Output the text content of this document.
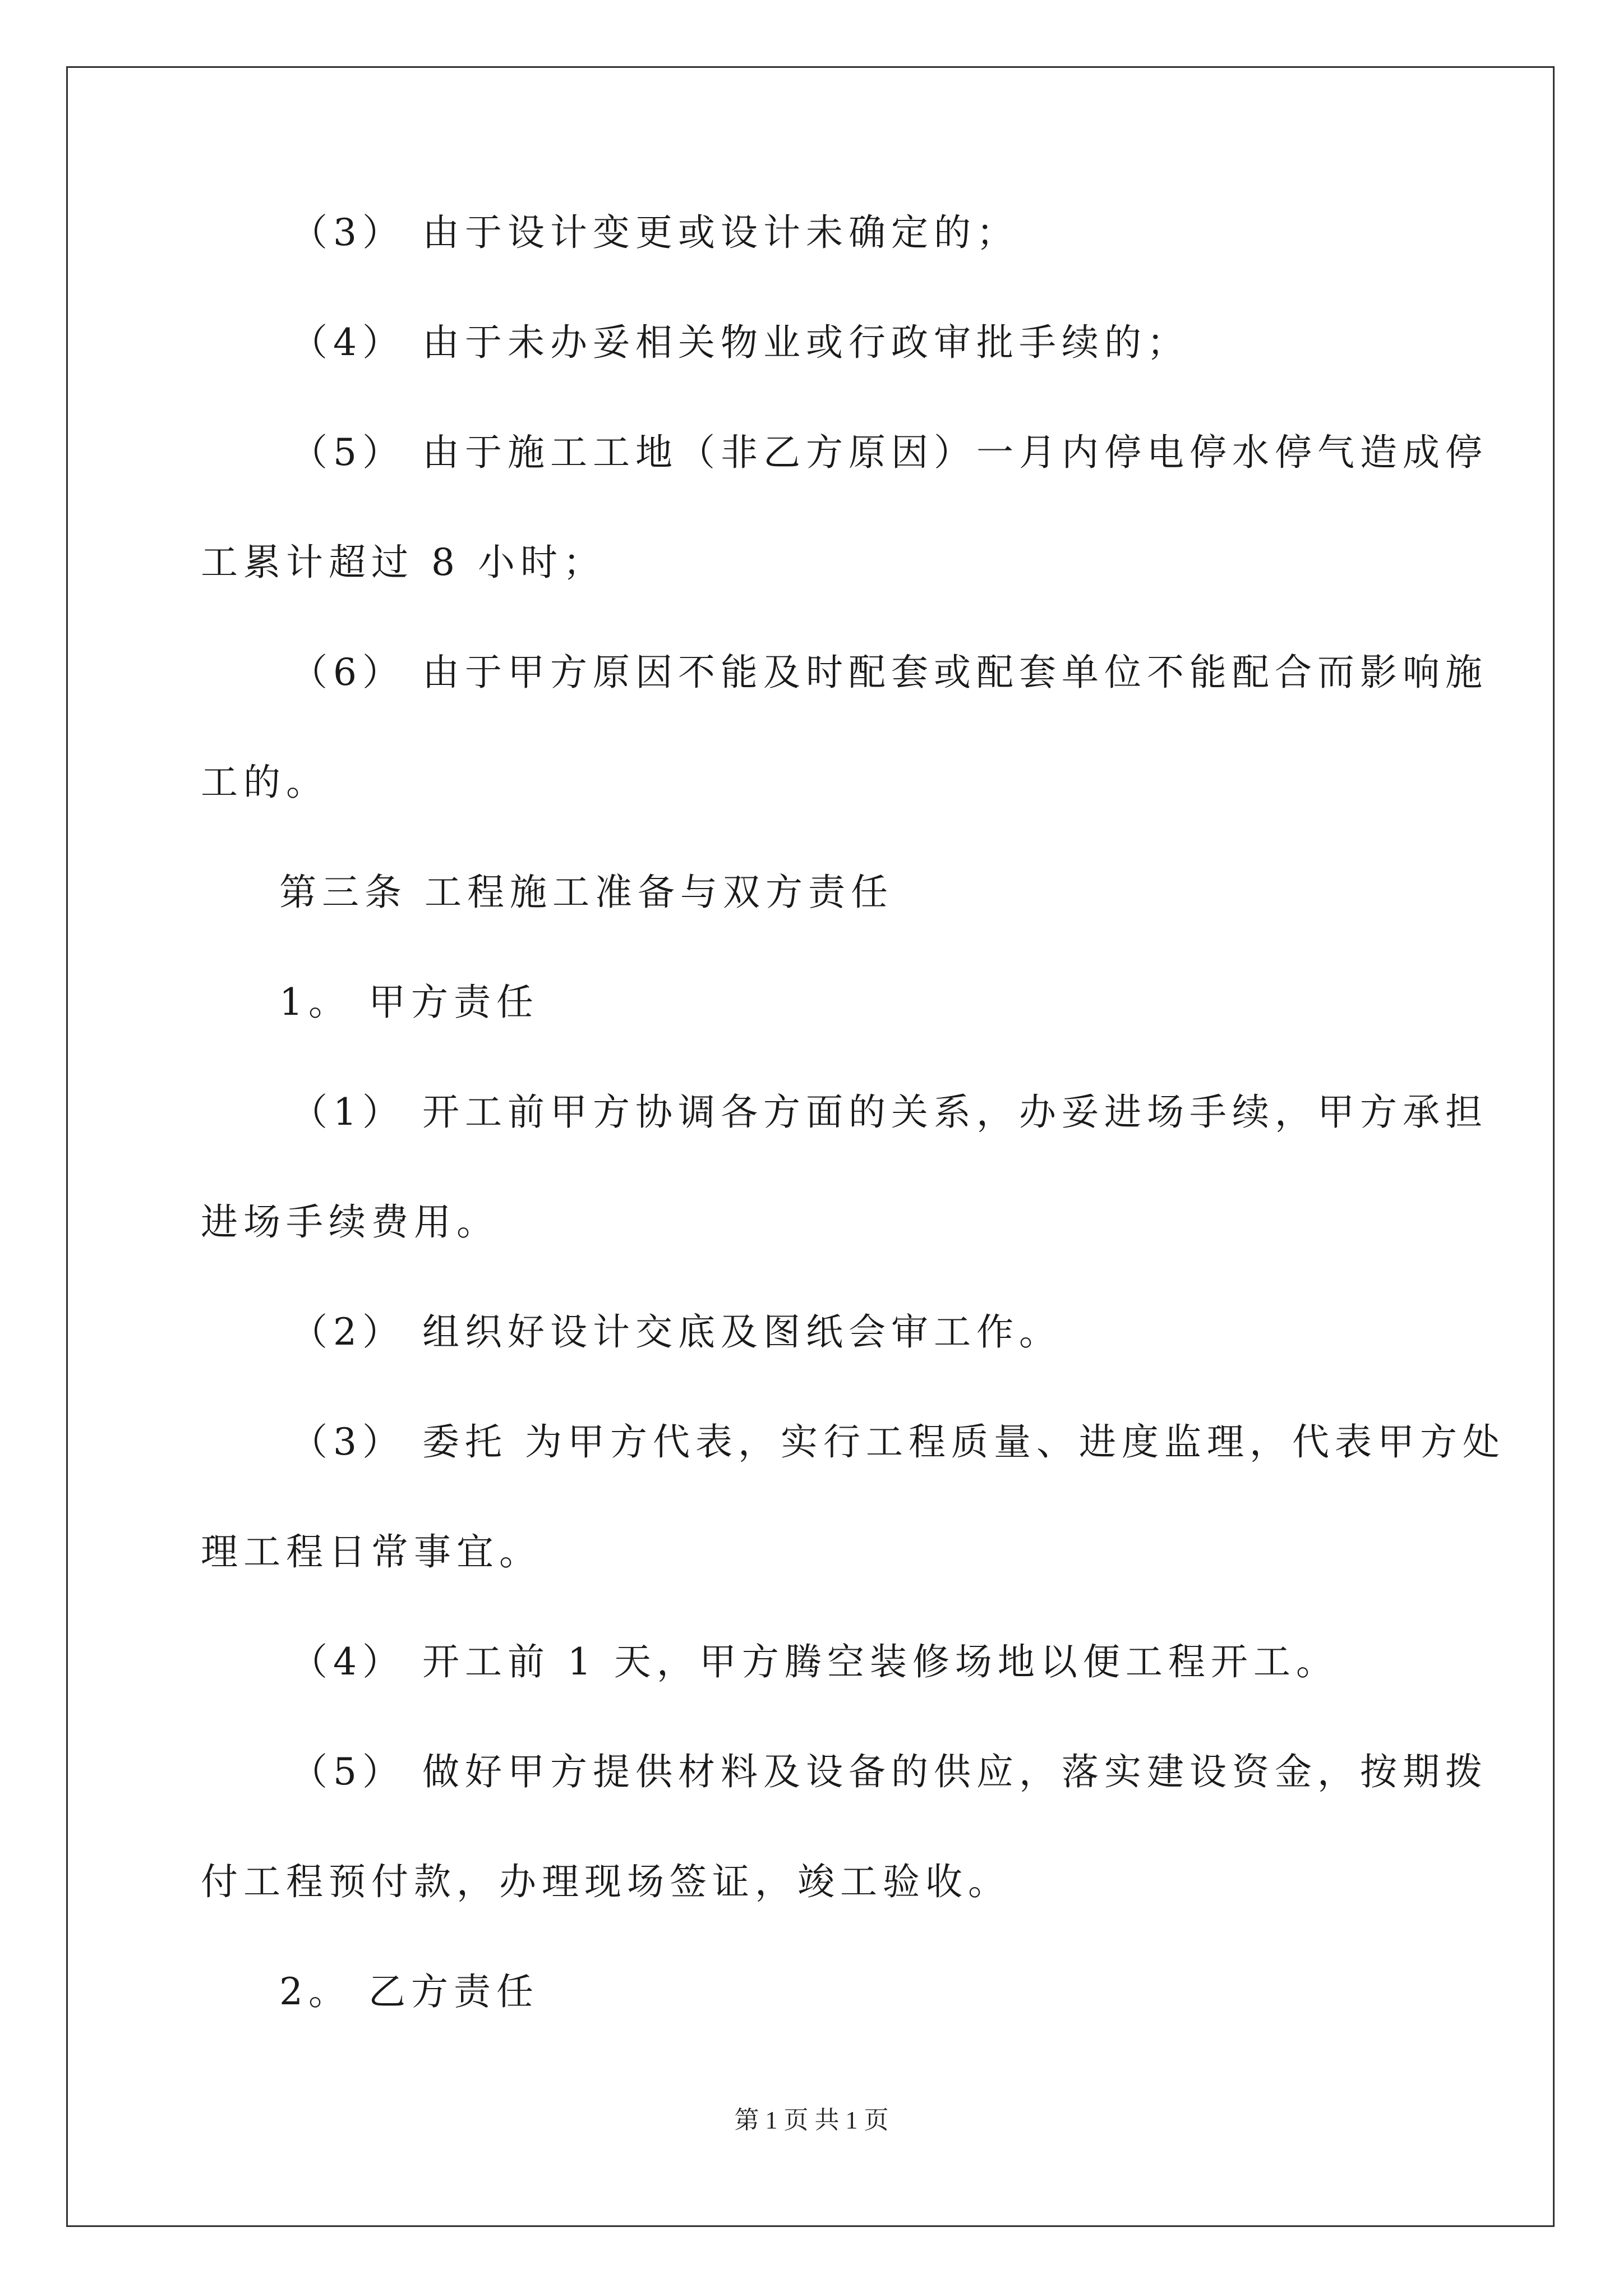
（3） 由于设计变更或设计未确定的；
（4） 由于未办妥相关物业或行政审批手续的；
（5） 由于施工工地（非乙方原因）一月内停电停水停气造成停
工累计超过 8 小时；
（6） 由于甲方原因不能及时配套或配套单位不能配合而影响施
工的。
第三条 工程施工准备与双方责任
1。 甲方责任
（1） 开工前甲方协调各方面的关系，办妥进场手续，甲方承担
进场手续费用。
（2） 组织好设计交底及图纸会审工作。
（3） 委托 为甲方代表，实行工程质量、进度监理，代表甲方处
理工程日常事宜。
（4） 开工前 1 天，甲方腾空装修场地以便工程开工。
（5） 做好甲方提供材料及设备的供应，落实建设资金，按期拨
付工程预付款，办理现场签证，竣工验收。
2。 乙方责任
第 1 页 共 1 页
